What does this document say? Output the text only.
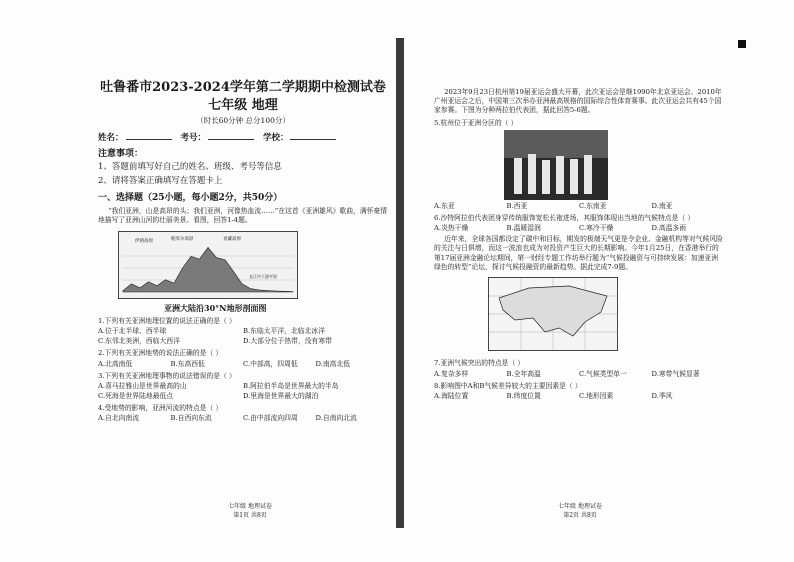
吐鲁番市2023-2024学年第二学期期中检测试卷

七年级 地理

（时长60分钟 总分100分）

姓名：	考号：	学校：
注意事项：
1、答题前填写好自己的姓名、班级、考号等信息
2、请将答案正确填写在答题卡上
一、选择题（25小题，每小题2分，共50分）

“我们亚洲，山是高昂的头；我们亚洲，河像热血流……”在这首《亚洲雄风》歌曲，满怀豪情地描写了亚洲山河的壮丽美景。看图，回答1-4题。

伊朗高原	帕米尔高原	青藏高原
长江中下游平原
亚洲大陆沿30°N地形剖面图
1.下列有关亚洲地理位置的说法正确的是（ ）
A.位于北半球、西半球	B.东临太平洋，北临北冰洋
C.东邻北美洲，西临大西洋	D.大部分位于热带，没有寒带
2.下列有关亚洲地势的说法正确的是（ ）
A.北高南低	B.东高西低	C.中部高，四周低	D.南高北低
3.下列有关亚洲地理事物的说法错误的是（ ）
A.喜马拉雅山是世界最高的山	B.阿拉伯半岛是世界最大的半岛
C.死海是世界陆地最低点	D.里海是世界最大的湖泊
4.受地势的影响，亚洲河流的特点是（ ）
A.自北向南流	B.自西向东流	C.由中部流向四周	D.自南向北流
七年级 地理试卷
第1页 共8页

2023年9月23日杭州第19届亚运会盛大开幕，此次亚运会是继1990年北京亚运会、2010年广州亚运会之后，中国第三次举办亚洲最高规格的国际综合性体育赛事。此次亚运会共有45个国家参赛。下图为分种两拉伯代表团，据此回答5-6题。

5.杭州位于亚洲分区的（ ）
A.东亚	B.西亚	C.东南亚	D.南亚
6.沙特阿拉伯代表团身穿传统服饰宽松长袍进场，其服饰体现出当地的气候特点是（ ）
A.炎热干燥	B.温暖湿润	C.寒冷干燥	D.高温多雨

近年来，全球各国都设定了碳中和目标，期发的极端天气更是令企业、金融机构等对气候风险的关注与日俱增，而这一波浪也成为对投资产生巨大的长期影响。今年1月25日，在香港举行的第17届亚洲金融论坛期间，第一财经专题工作坊举行题为“气候投融资与可持续发展：加速亚洲绿色的转型”论坛，探讨气候投融资的最新趋势。据此完成7-9题。

7.亚洲气候突出的特点是（ ）
A.复杂多样	B.全年高温	C.气候类型单一	D.寒带气候显著
8.影响图中A和B气候差异较大的主要因素是（ ）
A.海陆位置	B.纬度位置	C.地形因素	D.季风
七年级 地理试卷
第2页 共8页
